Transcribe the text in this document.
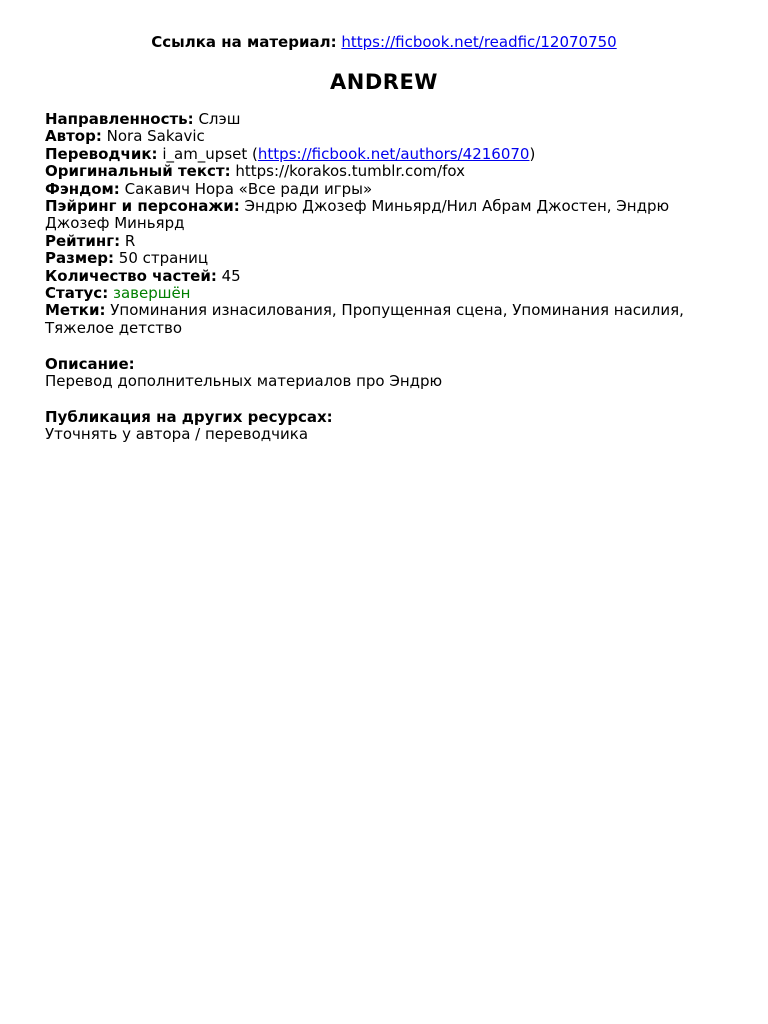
Ссылка на материал: https://ficbook.net/readfic/12070750
ANDREW
Направленность: Слэш
Автор: Nora Sakavic
Переводчик: i_am_upset (https://ficbook.net/authors/4216070)
Оригинальный текст: https://korakos.tumblr.com/fox
Фэндом: Сакавич Нора «Все ради игры»
Пэйринг и персонажи: Эндрю Джозеф Миньярд/Нил Абрам Джостен, Эндрю Джозеф Миньярд
Рейтинг: R
Размер: 50 страниц
Количество частей: 45
Статус: завершён
Метки: Упоминания изнасилования, Пропущенная сцена, Упоминания насилия, Тяжелое детство
Описание:
Перевод дополнительных материалов про Эндрю
Публикация на других ресурсах:
Уточнять у автора / переводчика
